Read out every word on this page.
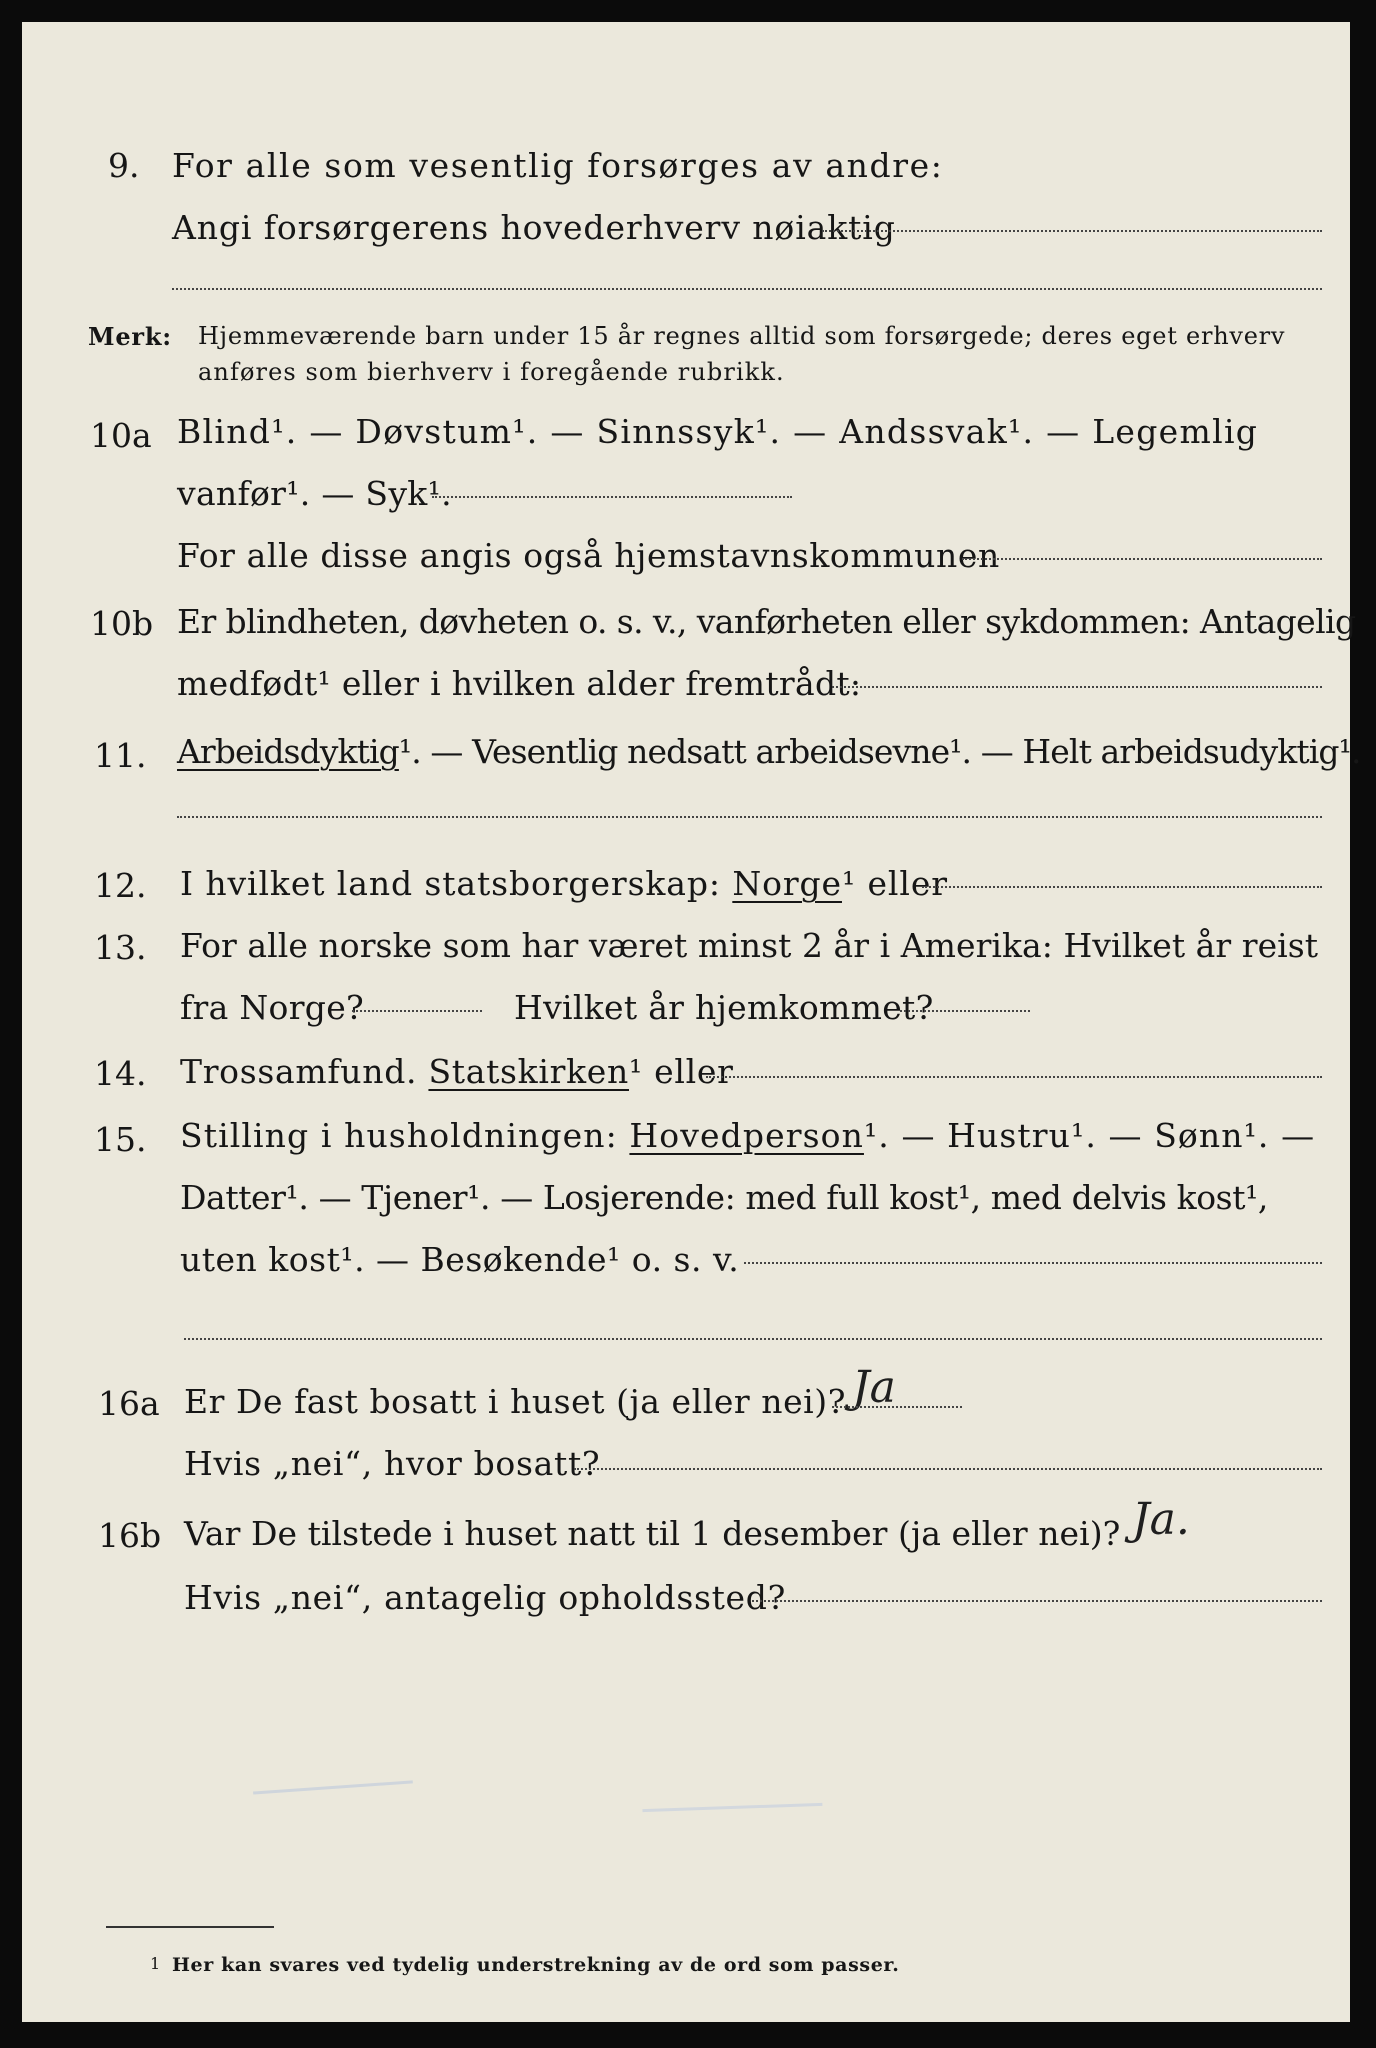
9. For alle som vesentlig forsørges av andre:
Angi forsørgerens hovederhverv nøiaktig
Merk: Hjemmeværende barn under 15 år regnes alltid som forsørgede; deres eget erhverv
anføres som bierhverv i foregående rubrikk.
10a Blind¹. — Døvstum¹. — Sinnssyk¹. — Andssvak¹. — Legemlig
vanfør¹. — Syk¹.
For alle disse angis også hjemstavnskommunen
10b Er blindheten, døvheten o. s. v., vanførheten eller sykdommen: Antagelig
medfødt¹ eller i hvilken alder fremtrådt:
11. Arbeidsdyktig¹. — Vesentlig nedsatt arbeidsevne¹. — Helt arbeidsudyktig¹.
12. I hvilket land statsborgerskap: Norge¹ eller
13. For alle norske som har været minst 2 år i Amerika: Hvilket år reist
fra Norge?	Hvilket år hjemkommet?
14. Trossamfund. Statskirken¹ eller
15. Stilling i husholdningen: Hovedperson¹. — Hustru¹. — Sønn¹. —
Datter¹. — Tjener¹. — Losjerende: med full kost¹, med delvis kost¹,
uten kost¹. — Besøkende¹ o. s. v.
16a Er De fast bosatt i huset (ja eller nei)? Ja
Hvis „nei“, hvor bosatt?
16b Var De tilstede i huset natt til 1 desember (ja eller nei)? Ja.
Hvis „nei“, antagelig opholdssted?
1 Her kan svares ved tydelig understrekning av de ord som passer.
